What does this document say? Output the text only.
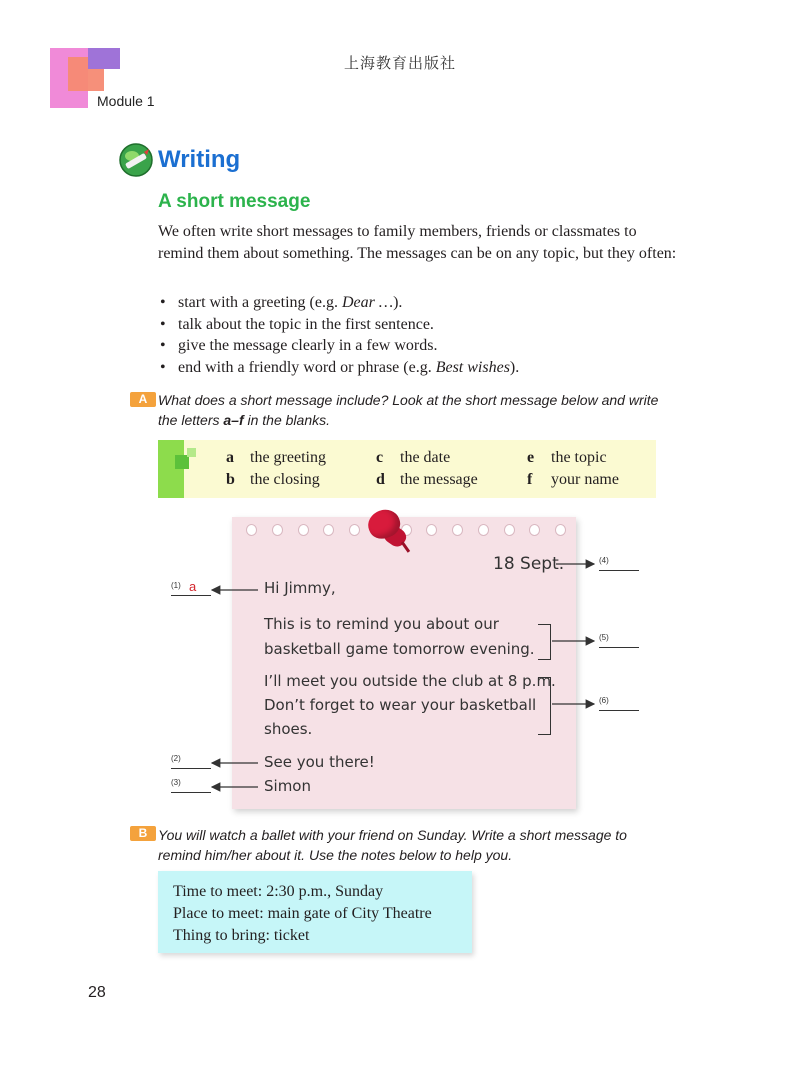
Module 1
上海教育出版社
Writing
A short message
We often write short messages to family members, friends or classmates to remind them about something. The messages can be on any topic, but they often:
• start with a greeting (e.g. Dear …).
• talk about the topic in the first sentence.
• give the message clearly in a few words.
• end with a friendly word or phrase (e.g. Best wishes).
A What does a short message include? Look at the short message below and write the letters a–f in the blanks.
a the greeting
b the closing
c the date
d the message
e the topic
f your name
18 Sept.
Hi Jimmy,
This is to remind you about our
basketball game tomorrow evening.
I’ll meet you outside the club at 8 p.m.
Don’t forget to wear your basketball
shoes.
See you there!
Simon
(1) a
(2)
(3)
(4)
(5)
(6)
B You will watch a ballet with your friend on Sunday. Write a short message to remind him/her about it. Use the notes below to help you.
Time to meet: 2:30 p.m., Sunday
Place to meet: main gate of City Theatre
Thing to bring: ticket
28
